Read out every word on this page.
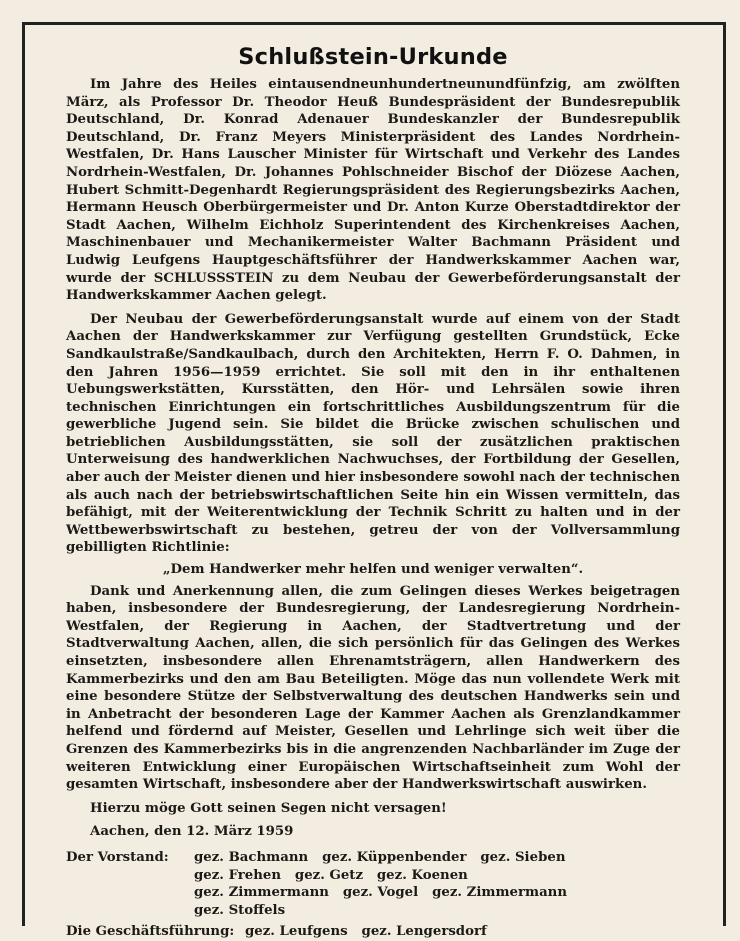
Schlußstein-Urkunde

Im Jahre des Heiles eintausendneunhundertneunundfünfzig, am zwölften März, als Professor Dr. Theodor Heuß Bundespräsident der Bundesrepublik Deutschland, Dr. Konrad Adenauer Bundeskanzler der Bundesrepublik Deutschland, Dr. Franz Meyers Ministerpräsident des Landes Nordrhein-Westfalen, Dr. Hans Lauscher Minister für Wirtschaft und Verkehr des Landes Nordrhein-Westfalen, Dr. Johannes Pohlschneider Bischof der Diözese Aachen, Hubert Schmitt-Degenhardt Regierungspräsident des Regierungsbezirks Aachen, Hermann Heusch Oberbürgermeister und Dr. Anton Kurze Oberstadtdirektor der Stadt Aachen, Wilhelm Eichholz Superintendent des Kirchenkreises Aachen, Maschinenbauer und Mechanikermeister Walter Bachmann Präsident und Ludwig Leufgens Hauptgeschäftsführer der Handwerkskammer Aachen war, wurde der SCHLUSSSTEIN zu dem Neubau der Gewerbeförderungsanstalt der Handwerkskammer Aachen gelegt.

Der Neubau der Gewerbeförderungsanstalt wurde auf einem von der Stadt Aachen der Handwerkskammer zur Verfügung gestellten Grundstück, Ecke Sandkaulstraße/Sandkaulbach, durch den Architekten, Herrn F. O. Dahmen, in den Jahren 1956—1959 errichtet. Sie soll mit den in ihr enthaltenen Uebungswerkstätten, Kursstätten, den Hör- und Lehrsälen sowie ihren technischen Einrichtungen ein fortschrittliches Ausbildungszentrum für die gewerbliche Jugend sein. Sie bildet die Brücke zwischen schulischen und betrieblichen Ausbildungsstätten, sie soll der zusätzlichen praktischen Unterweisung des handwerklichen Nachwuchses, der Fortbildung der Gesellen, aber auch der Meister dienen und hier insbesondere sowohl nach der technischen als auch nach der betriebswirtschaftlichen Seite hin ein Wissen vermitteln, das befähigt, mit der Weiterentwicklung der Technik Schritt zu halten und in der Wettbewerbswirtschaft zu bestehen, getreu der von der Vollversammlung gebilligten Richtlinie:

„Dem Handwerker mehr helfen und weniger verwalten“.

Dank und Anerkennung allen, die zum Gelingen dieses Werkes beigetragen haben, insbesondere der Bundesregierung, der Landesregierung Nordrhein-Westfalen, der Regierung in Aachen, der Stadtvertretung und der Stadtverwaltung Aachen, allen, die sich persönlich für das Gelingen des Werkes einsetzten, insbesondere allen Ehrenamtsträgern, allen Handwerkern des Kammerbezirks und den am Bau Beteiligten. Möge das nun vollendete Werk mit eine besondere Stütze der Selbstverwaltung des deutschen Handwerks sein und in Anbetracht der besonderen Lage der Kammer Aachen als Grenzlandkammer helfend und fördernd auf Meister, Gesellen und Lehrlinge sich weit über die Grenzen des Kammerbezirks bis in die angrenzenden Nachbarländer im Zuge der weiteren Entwicklung einer Europäischen Wirtschaftseinheit zum Wohl der gesamten Wirtschaft, insbesondere aber der Handwerkswirtschaft auswirken.

Hierzu möge Gott seinen Segen nicht versagen!

Aachen, den 12. März 1959

Der Vorstand:	gez. Bachmann   gez. Küppenbender   gez. Sieben
gez. Frehen   gez. Getz   gez. Koenen
gez. Zimmermann   gez. Vogel   gez. Zimmermann
gez. Stoffels
Die Geschäftsführung: gez. Leufgens   gez. Lengersdorf
